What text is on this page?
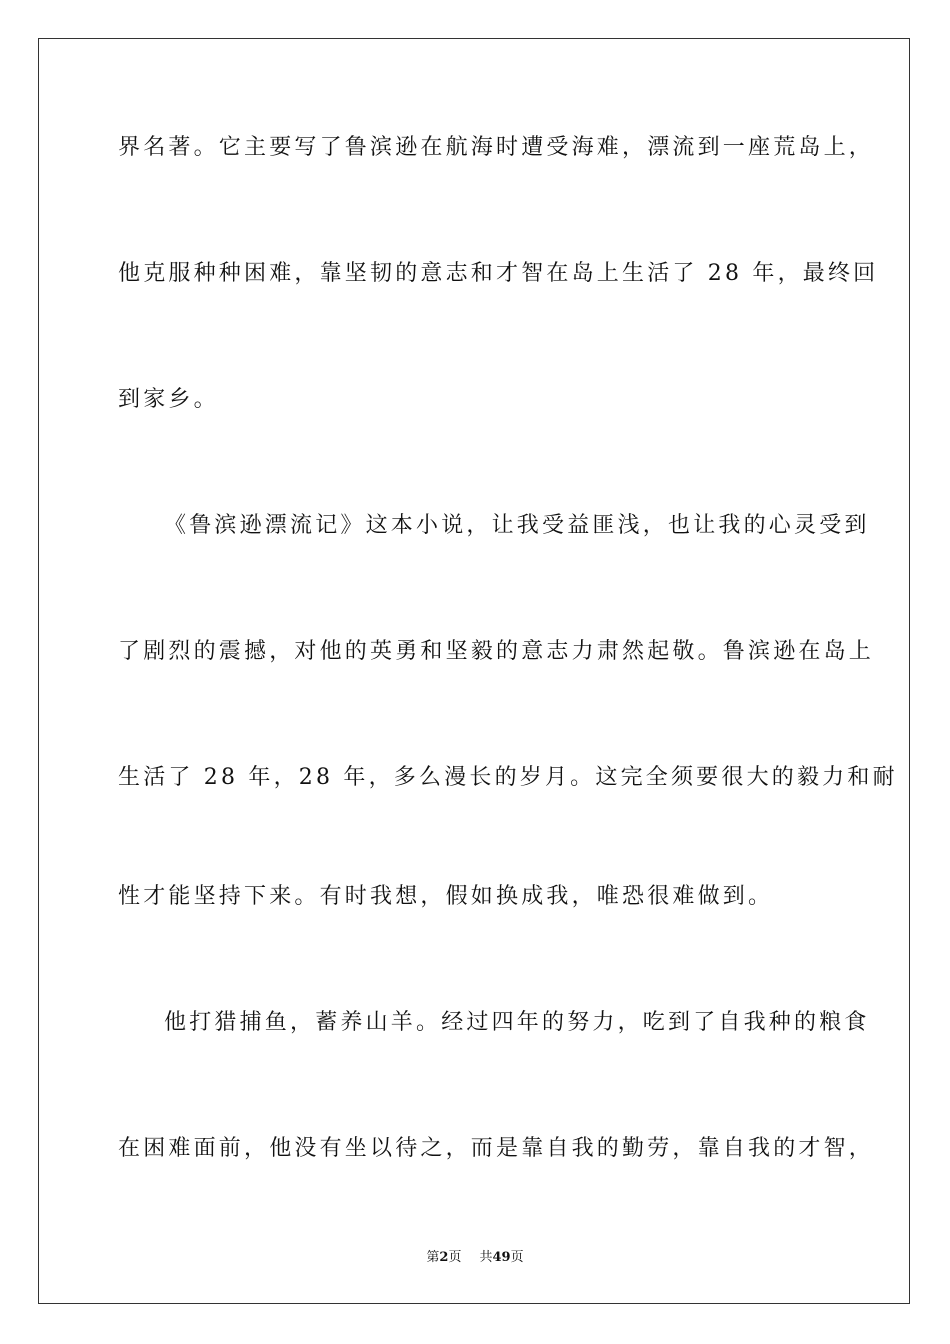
界名著。它主要写了鲁滨逊在航海时遭受海难，漂流到一座荒岛上，
他克服种种困难，靠坚韧的意志和才智在岛上生活了 28 年，最终回
到家乡。
《鲁滨逊漂流记》这本小说，让我受益匪浅，也让我的心灵受到
了剧烈的震撼，对他的英勇和坚毅的意志力肃然起敬。鲁滨逊在岛上
生活了 28 年，28 年，多么漫长的岁月。这完全须要很大的毅力和耐
性才能坚持下来。有时我想，假如换成我，唯恐很难做到。
他打猎捕鱼，蓄养山羊。经过四年的努力，吃到了自我种的粮食
在困难面前，他没有坐以待之，而是靠自我的勤劳，靠自我的才智，
第2页 共49页
